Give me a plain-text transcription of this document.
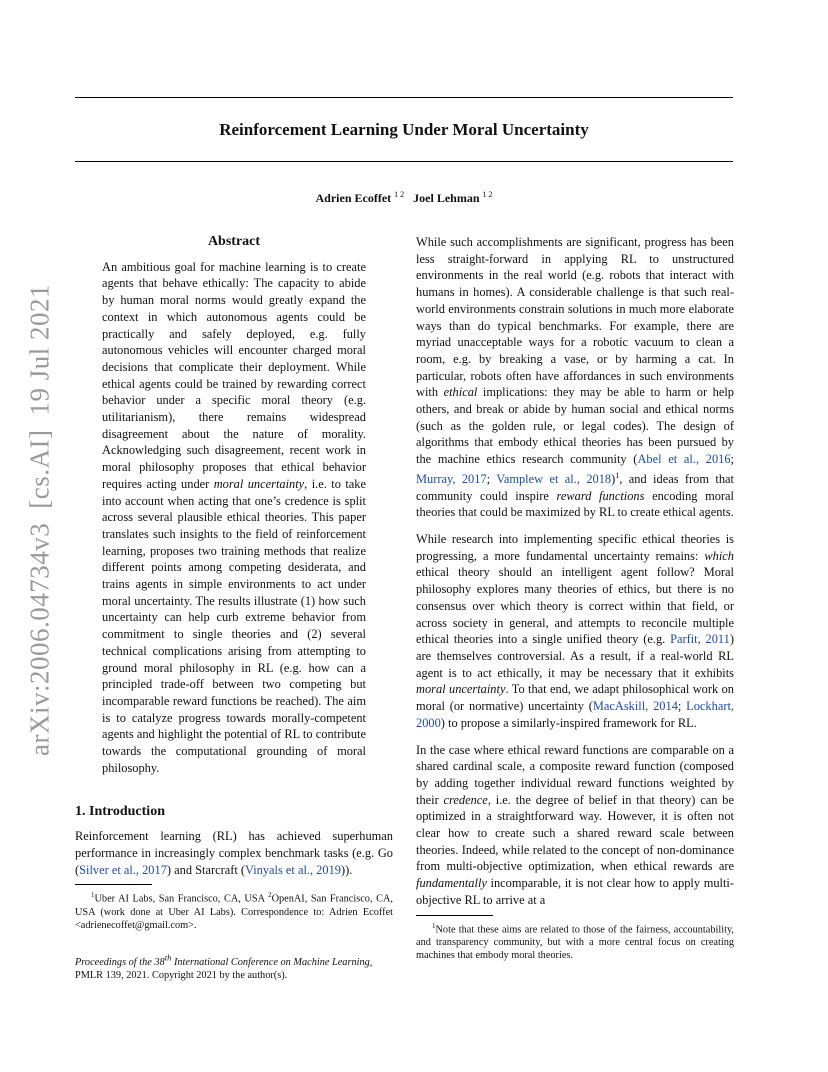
Reinforcement Learning Under Moral Uncertainty
Adrien Ecoffet $^{1 2}$ Joel Lehman $^{1 2}$
arXiv:2006.04734v3[cs.AI]19 Jul 2021
Abstract
An ambitious goal for machine learning is to create agents that behave ethically: The capacity to abide by human moral norms would greatly expand the context in which autonomous agents could be practically and safely deployed, e.g. fully autonomous vehicles will encounter charged moral decisions that complicate their deployment. While ethical agents could be trained by rewarding correct behavior under a specific moral theory (e.g. utilitarianism), there remains widespread disagreement about the nature of morality. Acknowledging such disagreement, recent work in moral philosophy proposes that ethical behavior requires acting under moral uncertainty, i.e. to take into account when acting that one’s credence is split across several plausible ethical theories. This paper translates such insights to the field of reinforcement learning, proposes two training methods that realize different points among competing desiderata, and trains agents in simple environments to act under moral uncertainty. The results illustrate (1) how such uncertainty can help curb extreme behavior from commitment to single theories and (2) several technical complications arising from attempting to ground moral philosophy in RL (e.g. how can a principled trade-off between two competing but incomparable reward functions be reached). The aim is to catalyze progress towards morally-competent agents and highlight the potential of RL to contribute towards the computational grounding of moral philosophy.
1. Introduction

Reinforcement learning (RL) has achieved superhuman performance in increasingly complex benchmark tasks (e.g. Go (Silver et al., 2017) and Starcraft (Vinyals et al., 2019)).

$^1$Uber AI Labs, San Francisco, CA, USA $^2$OpenAI, San Francisco, CA, USA (work done at Uber AI Labs). Correspondence to: Adrien Ecoffet <adrienecoffet@gmail.com>.

Proceedings of the 38th International Conference on Machine Learning, PMLR 139, 2021. Copyright 2021 by the author(s).

While such accomplishments are significant, progress has been less straight-forward in applying RL to unstructured environments in the real world (e.g. robots that interact with humans in homes). A considerable challenge is that such real-world environments constrain solutions in much more elaborate ways than do typical benchmarks. For example, there are myriad unacceptable ways for a robotic vacuum to clean a room, e.g. by breaking a vase, or by harming a cat. In particular, robots often have affordances in such environments with ethical implications: they may be able to harm or help others, and break or abide by human social and ethical norms (such as the golden rule, or legal codes). The design of algorithms that embody ethical theories has been pursued by the machine ethics research community (Abel et al., 2016; Murray, 2017; Vamplew et al., 2018)$^1$, and ideas from that community could inspire reward functions encoding moral theories that could be maximized by RL to create ethical agents.

While research into implementing specific ethical theories is progressing, a more fundamental uncertainty remains: which ethical theory should an intelligent agent follow? Moral philosophy explores many theories of ethics, but there is no consensus over which theory is correct within that field, or across society in general, and attempts to reconcile multiple ethical theories into a single unified theory (e.g. Parfit, 2011) are themselves controversial. As a result, if a real-world RL agent is to act ethically, it may be necessary that it exhibits moral uncertainty. To that end, we adapt philosophical work on moral (or normative) uncertainty (MacAskill, 2014; Lockhart, 2000) to propose a similarly-inspired framework for RL.

In the case where ethical reward functions are comparable on a shared cardinal scale, a composite reward function (composed by adding together individual reward functions weighted by their credence, i.e. the degree of belief in that theory) can be optimized in a straightforward way. However, it is often not clear how to create such a shared reward scale between theories. Indeed, while related to the concept of non-dominance from multi-objective optimization, when ethical rewards are fundamentally incomparable, it is not clear how to apply multi-objective RL to arrive at a

$^1$Note that these aims are related to those of the fairness, accountability, and transparency community, but with a more central focus on creating machines that embody moral theories.
